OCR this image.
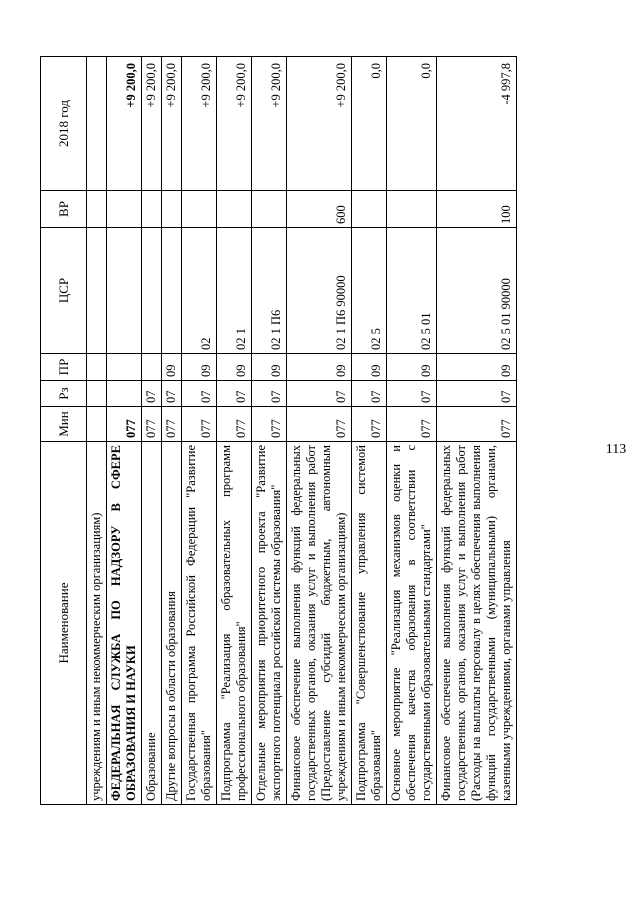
113
Наименование	Мин	Рз	ПР	ЦСР	ВР	2018 год
учреждениям и иным некоммерческим организациям)						
ФЕДЕРАЛЬНАЯ СЛУЖБА ПО НАДЗОРУ В СФЕРЕ ОБРАЗОВАНИЯ И НАУКИ	077					+9 200,0
Образование	077	07				+9 200,0
Другие вопросы в области образования	077	07	09			+9 200,0
Государственная программа Российской Федерации "Развитие образования"	077	07	09	02		+9 200,0
Подпрограмма "Реализация образовательных программ профессионального образования"	077	07	09	02 1		+9 200,0
Отдельные мероприятия приоритетного проекта "Развитие экспортного потенциала российской системы образования"	077	07	09	02 1 П6		+9 200,0
Финансовое обеспечение выполнения функций федеральных государственных органов, оказания услуг и выполнения работ (Предоставление субсидий бюджетным, автономным учреждениям и иным некоммерческим организациям)	077	07	09	02 1 П6 90000	600	+9 200,0
Подпрограмма "Совершенствование управления системой образования"	077	07	09	02 5		0,0
Основное мероприятие "Реализация механизмов оценки и обеспечения качества образования в соответствии с государственными образовательными стандартами"	077	07	09	02 5 01		0,0
Финансовое обеспечение выполнения функций федеральных государственных органов, оказания услуг и выполнения работ (Расходы на выплаты персоналу в целях обеспечения выполнения функций государственными (муниципальными) органами, казенными учреждениями, органами управления	077	07	09	02 5 01 90000	100	-4 997,8
